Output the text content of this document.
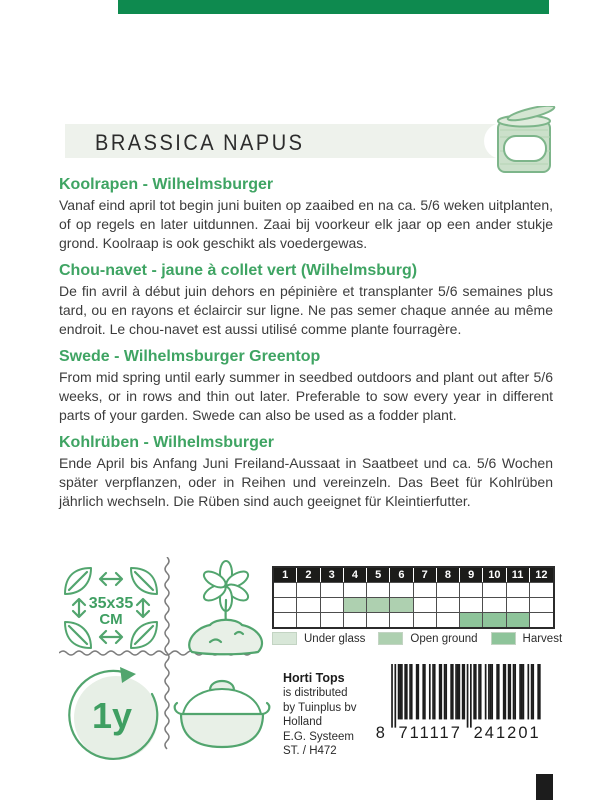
BRASSICA NAPUS
Koolrapen - Wilhelmsburger

Vanaf eind april tot begin juni buiten op zaaibed en na ca. 5/6 weken uitplanten, of op regels en later uitdunnen. Zaai bij voorkeur elk jaar op een ander stukje grond. Koolraap is ook geschikt als voedergewas.

Chou-navet - jaune à collet vert (Wilhelmsburg)

De fin avril à début juin dehors en pépinière et transplanter 5/6 semaines plus tard, ou en rayons et éclaircir sur ligne. Ne pas semer chaque année au même endroit. Le chou-navet est aussi utilisé comme plante fourragère.

Swede - Wilhelmsburger Greentop

From mid spring until early summer in seedbed outdoors and plant out after 5/6 weeks, or in rows and thin out later. Preferable to sow every year in different parts of your garden. Swede can also be used as a fodder plant.

Kohlrüben - Wilhelmsburger

Ende April bis Anfang Juni Freiland-Aussaat in Saatbeet und ca. 5/6 Wochen später verpflanzen, oder in Reihen und vereinzeln. Das Beet für Kohlrüben jährlich wechseln. Die Rüben sind auch geeignet für Kleintierfutter.

35x35
CM
1y
1	2	3	4	5	6	7	8	9	10	11	12
Under glass	Open ground	Harvest
Horti Tops
is distributed
by Tuinplus bv
Holland
E.G. Systeem
ST. / H472
8 711117 241201
